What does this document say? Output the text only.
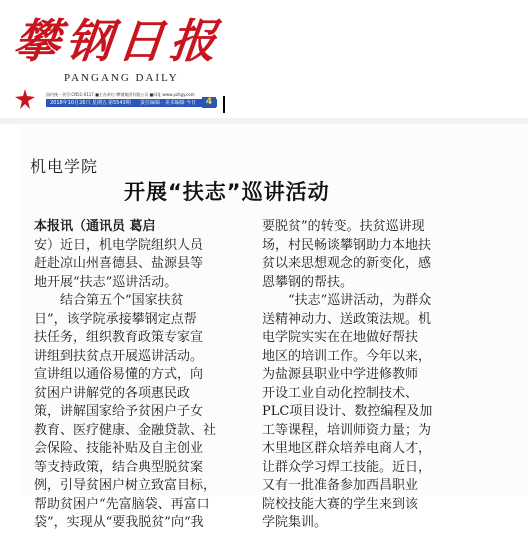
攀钢日报
PANGANG DAILY
国内统一刊号:CN51-0117 ■主办单位:攀钢集团有限公司 ■网址:www.pzhgy.com
2018年10月26日 星期五 第5543期 责任编辑 · 美术编辑 今日	4
机电学院
开展“扶志”巡讲活动
本报讯（通讯员 葛启
安）近日，机电学院组织人员
赶赴凉山州喜德县、盐源县等
地开展“扶志”巡讲活动。
　　结合第五个“国家扶贫
日”，该学院承接攀钢定点帮
扶任务，组织教育政策专家宣
讲组到扶贫点开展巡讲活动。
宣讲组以通俗易懂的方式，向
贫困户讲解党的各项惠民政
策，讲解国家给予贫困户子女
教育、医疗健康、金融贷款、社
会保险、技能补贴及自主创业
等支持政策，结合典型脱贫案
例，引导贫困户树立致富目标，
帮助贫困户“先富脑袋、再富口
袋”，实现从“要我脱贫”向“我
要脱贫”的转变。扶贫巡讲现
场，村民畅谈攀钢助力本地扶
贫以来思想观念的新变化，感
恩攀钢的帮扶。
　　“扶志”巡讲活动，为群众
送精神动力、送政策法规。机
电学院实实在在地做好帮扶
地区的培训工作。今年以来，
为盐源县职业中学进修教师
开设工业自动化控制技术、
PLC项目设计、数控编程及加
工等课程，培训师资力量；为
木里地区群众培养电商人才，
让群众学习焊工技能。近日，
又有一批准备参加西昌职业
院校技能大赛的学生来到该
学院集训。
